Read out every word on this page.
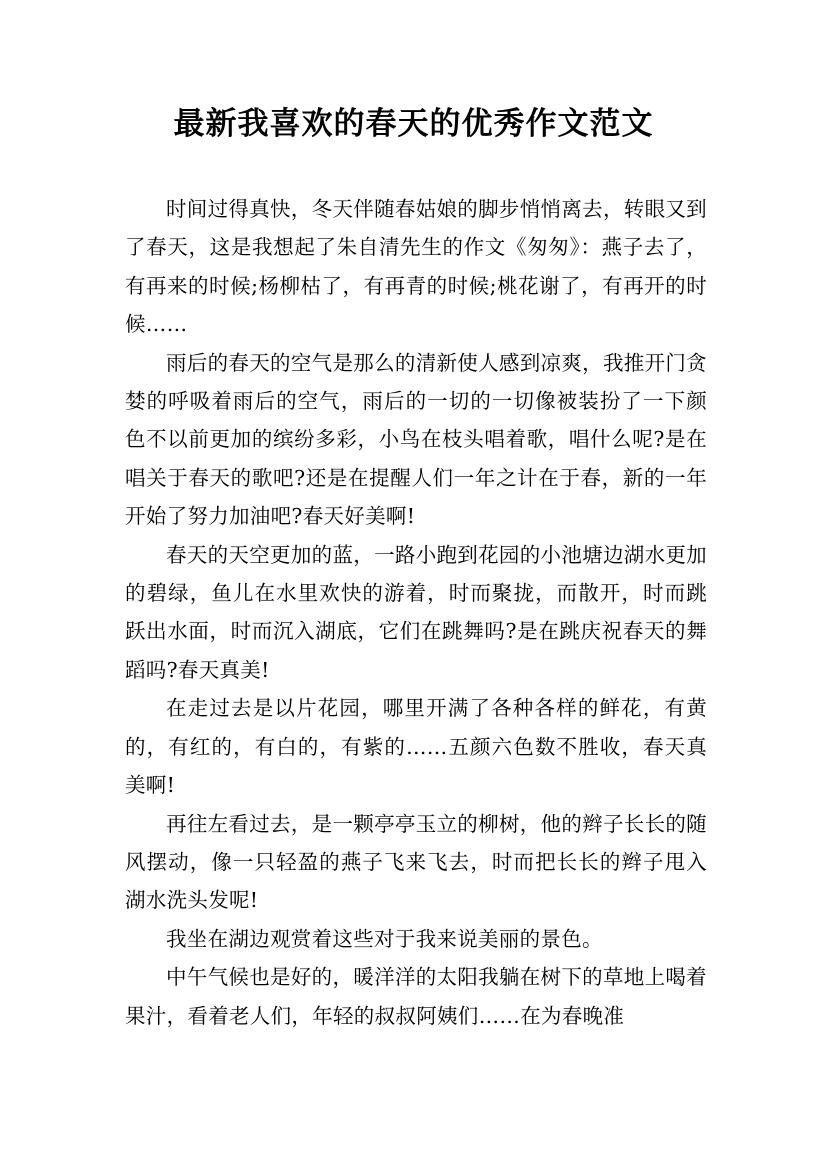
最新我喜欢的春天的优秀作文范文

时间过得真快，冬天伴随春姑娘的脚步悄悄离去，转眼又到了春天，这是我想起了朱自清先生的作文《匆匆》：燕子去了，有再来的时候;杨柳枯了，有再青的时候;桃花谢了，有再开的时候……

雨后的春天的空气是那么的清新使人感到凉爽，我推开门贪婪的呼吸着雨后的空气，雨后的一切的一切像被装扮了一下颜色不以前更加的缤纷多彩，小鸟在枝头唱着歌，唱什么呢?是在唱关于春天的歌吧?还是在提醒人们一年之计在于春，新的一年开始了努力加油吧?春天好美啊!

春天的天空更加的蓝，一路小跑到花园的小池塘边湖水更加的碧绿，鱼儿在水里欢快的游着，时而聚拢，而散开，时而跳跃出水面，时而沉入湖底，它们在跳舞吗?是在跳庆祝春天的舞蹈吗?春天真美!

在走过去是以片花园，哪里开满了各种各样的鲜花，有黄的，有红的，有白的，有紫的……五颜六色数不胜收，春天真美啊!

再往左看过去，是一颗亭亭玉立的柳树，他的辫子长长的随风摆动，像一只轻盈的燕子飞来飞去，时而把长长的辫子甩入湖水洗头发呢!

我坐在湖边观赏着这些对于我来说美丽的景色。

中午气候也是好的，暖洋洋的太阳我躺在树下的草地上喝着果汁，看着老人们，年轻的叔叔阿姨们……在为春晚准
